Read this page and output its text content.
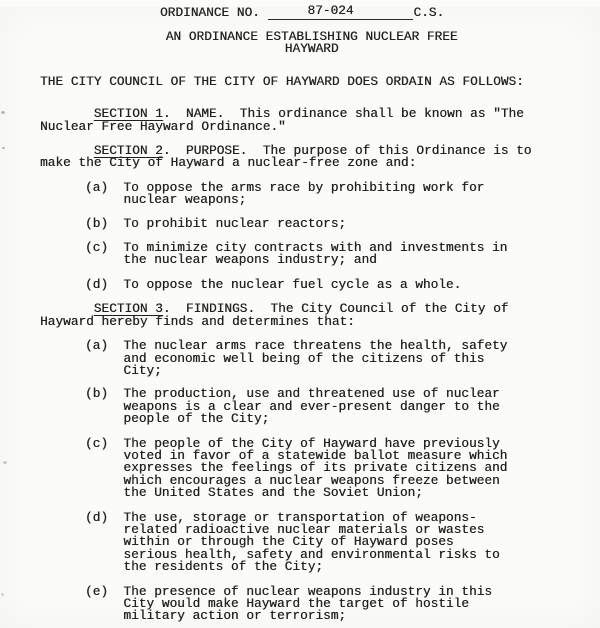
ORDINANCE NO.	87-024	C.S.
AN ORDINANCE ESTABLISHING NUCLEAR FREE
HAYWARD

THE CITY COUNCIL OF THE CITY OF HAYWARD DOES ORDAIN AS FOLLOWS:

SECTION 1.  NAME.  This ordinance shall be known as "The Nuclear Free Hayward Ordinance."

SECTION 2.  PURPOSE.  The purpose of this Ordinance is to make the City of Hayward a nuclear-free zone and:

(a)	To oppose the arms race by prohibiting work for nuclear weapons;
(b)	To prohibit nuclear reactors;
(c)	To minimize city contracts with and investments in the nuclear weapons industry; and
(d)	To oppose the nuclear fuel cycle as a whole.

SECTION 3.  FINDINGS.  The City Council of the City of Hayward hereby finds and determines that:

(a)	The nuclear arms race threatens the health, safety and economic well being of the citizens of this City;
(b)	The production, use and threatened use of nuclear weapons is a clear and ever-present danger to the people of the City;
(c)	The people of the City of Hayward have previously voted in favor of a statewide ballot measure which expresses the feelings of its private citizens and which encourages a nuclear weapons freeze between the United States and the Soviet Union;
(d)	The use, storage or transportation of weapons-related radioactive nuclear materials or wastes within or through the City of Hayward poses serious health, safety and environmental risks to the residents of the City;
(e)	The presence of nuclear weapons industry in this City would make Hayward the target of hostile military action or terrorism;
